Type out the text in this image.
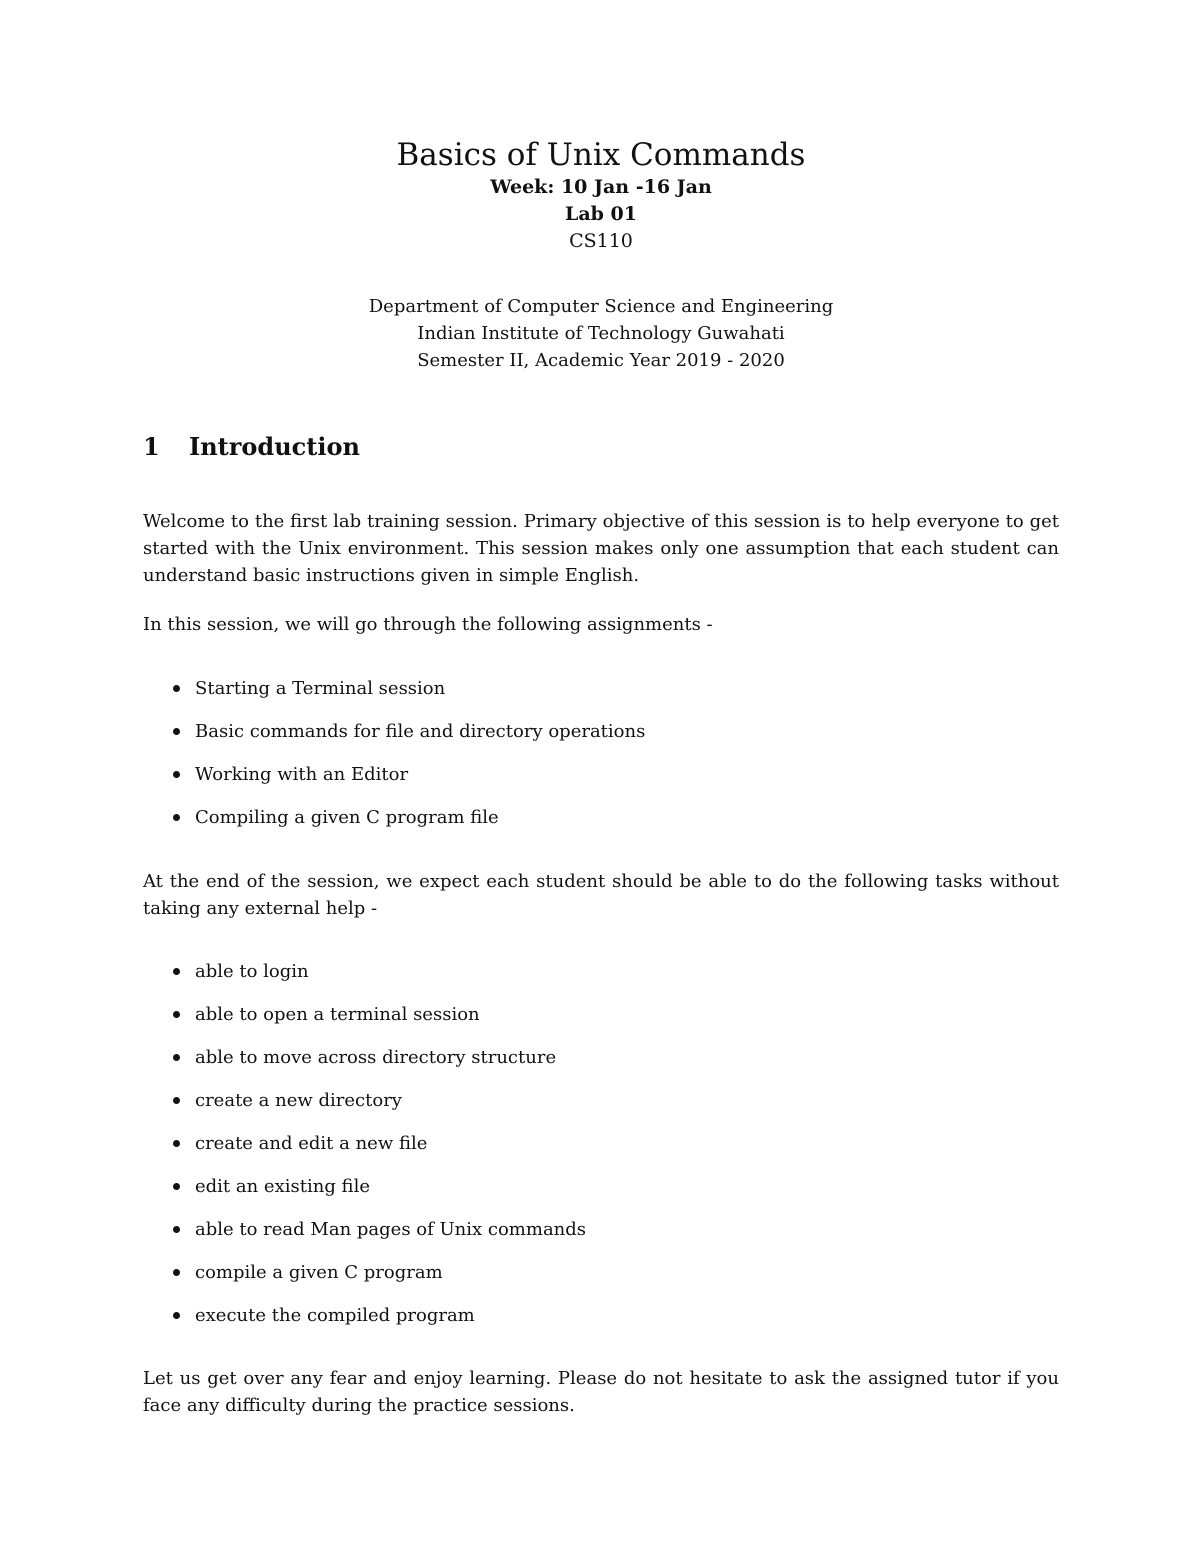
Basics of Unix Commands
Week: 10 Jan -16 Jan
Lab 01
CS110
Department of Computer Science and Engineering
Indian Institute of Technology Guwahati
Semester II, Academic Year 2019 - 2020
1 Introduction

Welcome to the first lab training session. Primary objective of this session is to help everyone to get started with the Unix environment. This session makes only one assumption that each student can understand basic instructions given in simple English.

In this session, we will go through the following assignments -

Starting a Terminal session
Basic commands for file and directory operations
Working with an Editor
Compiling a given C program file

At the end of the session, we expect each student should be able to do the following tasks without taking any external help -

able to login
able to open a terminal session
able to move across directory structure
create a new directory
create and edit a new file
edit an existing file
able to read Man pages of Unix commands
compile a given C program
execute the compiled program

Let us get over any fear and enjoy learning. Please do not hesitate to ask the assigned tutor if you face any difficulty during the practice sessions.
